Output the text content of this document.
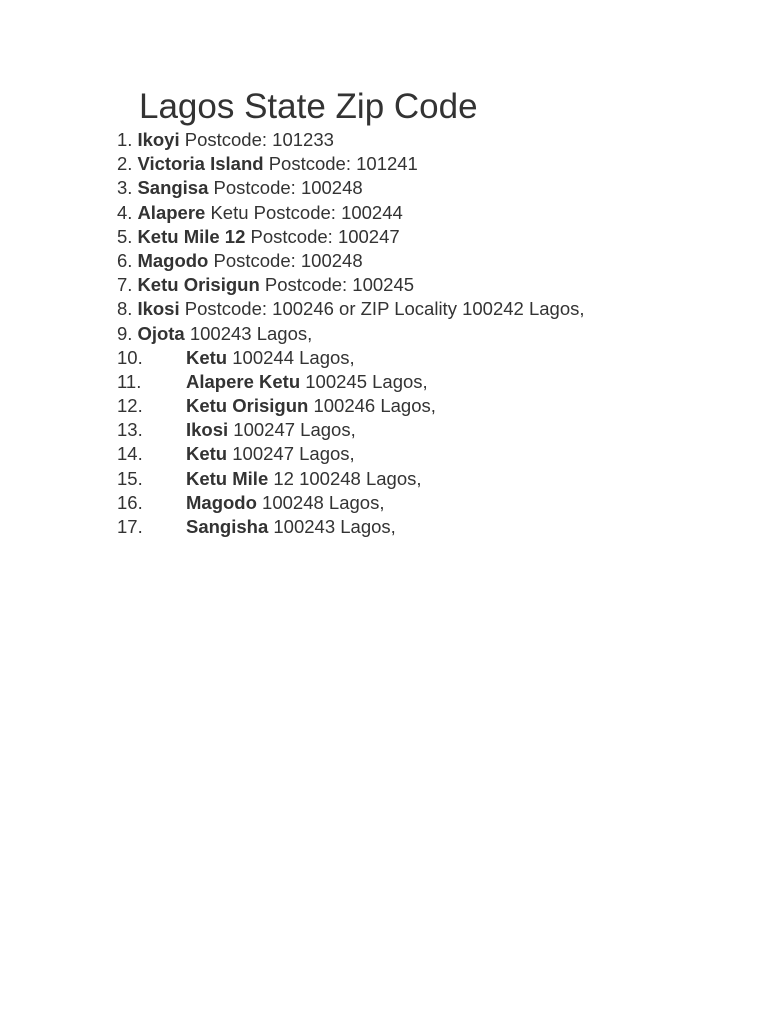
Lagos State Zip Code
1. Ikoyi Postcode: 101233
2. Victoria Island Postcode: 101241
3. Sangisa Postcode: 100248
4. Alapere Ketu Postcode: 100244
5. Ketu Mile 12 Postcode: 100247
6. Magodo Postcode: 100248
7. Ketu Orisigun Postcode: 100245
8. Ikosi Postcode: 100246 or ZIP Locality 100242 Lagos,
9. Ojota 100243 Lagos,
10. Ketu 100244 Lagos,
11. Alapere Ketu 100245 Lagos,
12. Ketu Orisigun 100246 Lagos,
13. Ikosi 100247 Lagos,
14. Ketu 100247 Lagos,
15. Ketu Mile 12 100248 Lagos,
16. Magodo 100248 Lagos,
17. Sangisha 100243 Lagos,
